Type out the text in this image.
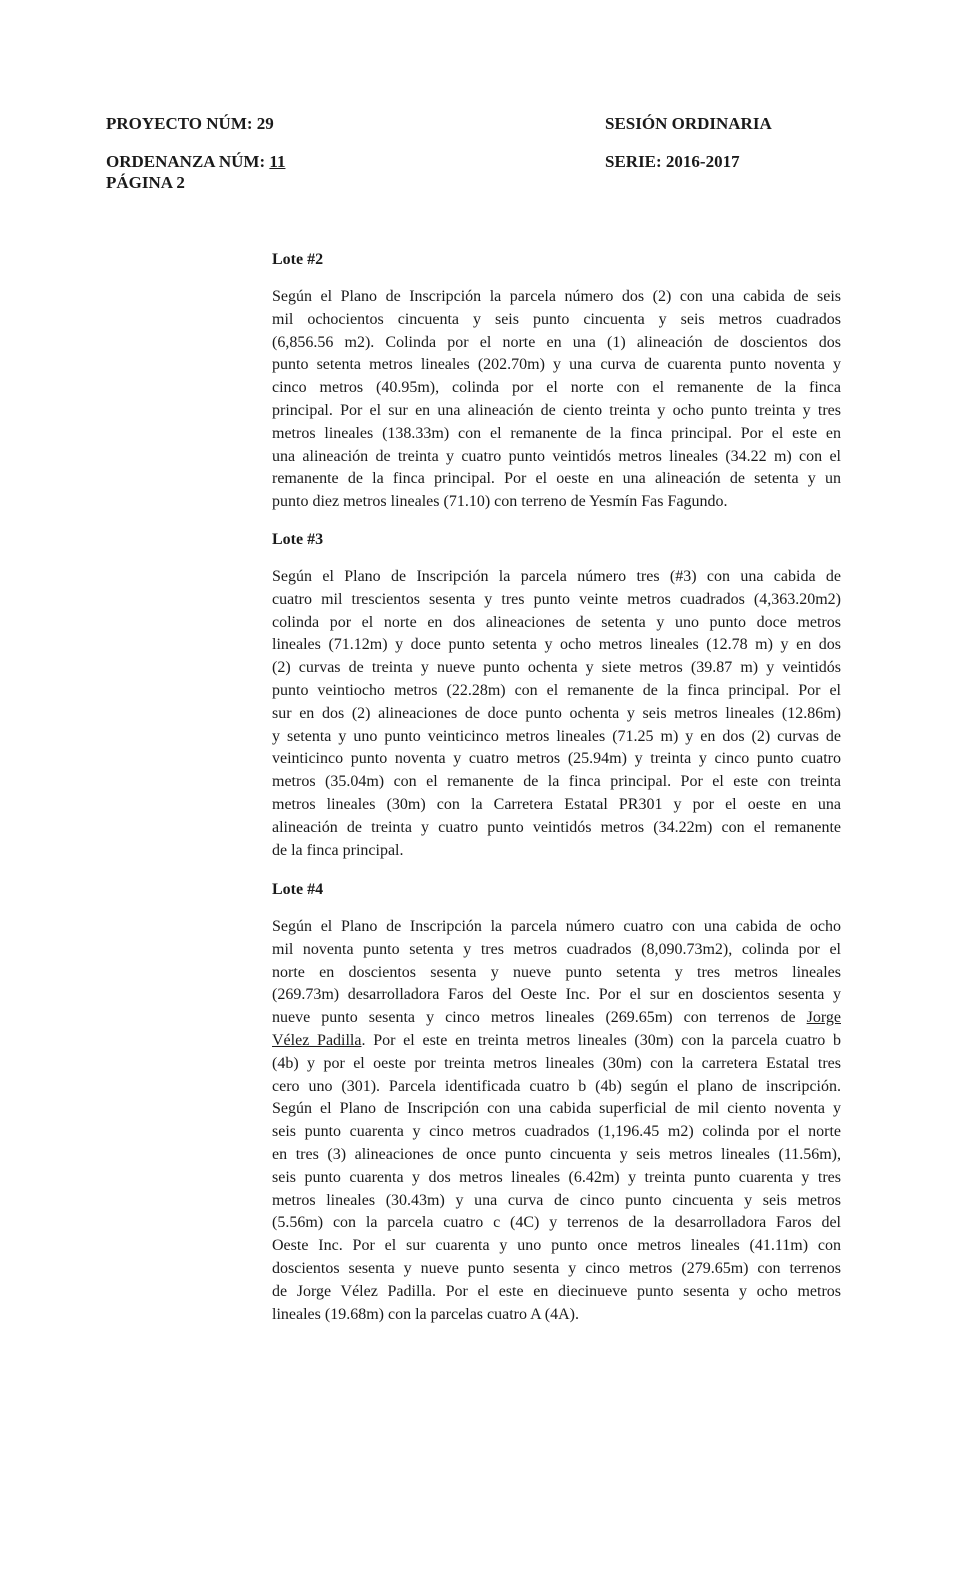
PROYECTO NÚM: 29	SESIÓN ORDINARIA
ORDENANZA NÚM: 11	SERIE: 2016-2017
PÁGINA 2
Lote #2
Según el Plano de Inscripción la parcela número dos (2) con una cabida de seis
mil ochocientos cincuenta y seis punto cincuenta y seis metros cuadrados
(6,856.56 m2). Colinda por el norte en una (1) alineación de doscientos dos
punto setenta metros lineales (202.70m) y una curva de cuarenta punto noventa y
cinco metros (40.95m), colinda por el norte con el remanente de la finca
principal. Por el sur en una alineación de ciento treinta y ocho punto treinta y tres
metros lineales (138.33m) con el remanente de la finca principal. Por el este en
una alineación de treinta y cuatro punto veintidós metros lineales (34.22 m) con el
remanente de la finca principal. Por el oeste en una alineación de setenta y un
punto diez metros lineales (71.10) con terreno de Yesmín Fas Fagundo.
Lote #3
Según el Plano de Inscripción la parcela número tres (#3) con una cabida de
cuatro mil trescientos sesenta y tres punto veinte metros cuadrados (4,363.20m2)
colinda por el norte en dos alineaciones de setenta y uno punto doce metros
lineales (71.12m) y doce punto setenta y ocho metros lineales (12.78 m) y en dos
(2) curvas de treinta y nueve punto ochenta y siete metros (39.87 m) y veintidós
punto veintiocho metros (22.28m) con el remanente de la finca principal. Por el
sur en dos (2) alineaciones de doce punto ochenta y seis metros lineales (12.86m)
y setenta y uno punto veinticinco metros lineales (71.25 m) y en dos (2) curvas de
veinticinco punto noventa y cuatro metros (25.94m) y treinta y cinco punto cuatro
metros (35.04m) con el remanente de la finca principal. Por el este con treinta
metros lineales (30m) con la Carretera Estatal PR301 y por el oeste en una
alineación de treinta y cuatro punto veintidós metros (34.22m) con el remanente
de la finca principal.
Lote #4
Según el Plano de Inscripción la parcela número cuatro con una cabida de ocho
mil noventa punto setenta y tres metros cuadrados (8,090.73m2), colinda por el
norte en doscientos sesenta y nueve punto setenta y tres metros lineales
(269.73m) desarrolladora Faros del Oeste Inc. Por el sur en doscientos sesenta y
nueve punto sesenta y cinco metros lineales (269.65m) con terrenos de Jorge
Vélez Padilla. Por el este en treinta metros lineales (30m) con la parcela cuatro b
(4b) y por el oeste por treinta metros lineales (30m) con la carretera Estatal tres
cero uno (301). Parcela identificada cuatro b (4b) según el plano de inscripción.
Según el Plano de Inscripción con una cabida superficial de mil ciento noventa y
seis punto cuarenta y cinco metros cuadrados (1,196.45 m2) colinda por el norte
en tres (3) alineaciones de once punto cincuenta y seis metros lineales (11.56m),
seis punto cuarenta y dos metros lineales (6.42m) y treinta punto cuarenta y tres
metros lineales (30.43m) y una curva de cinco punto cincuenta y seis metros
(5.56m) con la parcela cuatro c (4C) y terrenos de la desarrolladora Faros del
Oeste Inc. Por el sur cuarenta y uno punto once metros lineales (41.11m) con
doscientos sesenta y nueve punto sesenta y cinco metros (279.65m) con terrenos
de Jorge Vélez Padilla. Por el este en diecinueve punto sesenta y ocho metros
lineales (19.68m) con la parcelas cuatro A (4A).
